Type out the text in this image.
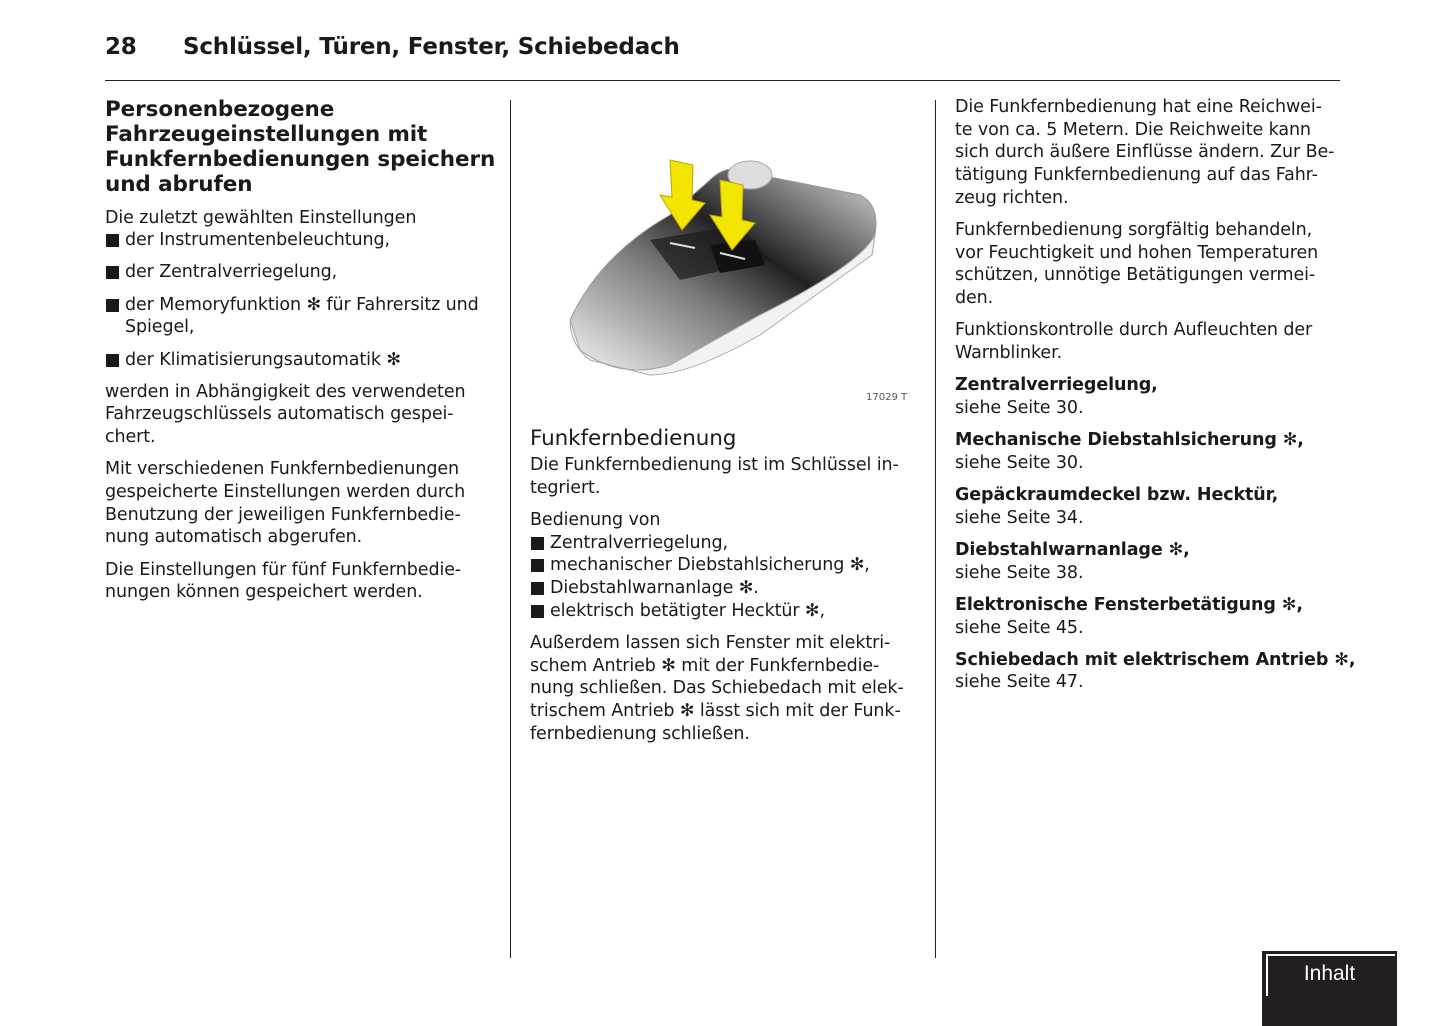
28 Schlüssel, Türen, Fenster, Schiebedach
Personenbezogene
Fahrzeugeinstellungen mit
Funkfernbedienungen speichern
und abrufen
Die zuletzt gewählten Einstellungen
der Instrumentenbeleuchtung,
der Zentralverriegelung,
der Memoryfunktion ✻ für Fahrersitz und
Spiegel,
der Klimatisierungsautomatik ✻
werden in Abhängigkeit des verwendeten
Fahrzeugschlüssels automatisch gespei-
chert.
Mit verschiedenen Funkfernbedienungen
gespeicherte Einstellungen werden durch
Benutzung der jeweiligen Funkfernbedie-
nung automatisch abgerufen.
Die Einstellungen für fünf Funkfernbedie-
nungen können gespeichert werden.
Funkfernbedienung
Die Funkfernbedienung ist im Schlüssel in-
tegriert.
Bedienung von
Zentralverriegelung,
mechanischer Diebstahlsicherung ✻,
Diebstahlwarnanlage ✻.
elektrisch betätigter Hecktür ✻,
Außerdem lassen sich Fenster mit elektri-
schem Antrieb ✻ mit der Funkfernbedie-
nung schließen. Das Schiebedach mit elek-
trischem Antrieb ✻ lässt sich mit der Funk-
fernbedienung schließen.
Die Funkfernbedienung hat eine Reichwei-
te von ca. 5 Metern. Die Reichweite kann
sich durch äußere Einflüsse ändern. Zur Be-
tätigung Funkfernbedienung auf das Fahr-
zeug richten.
Funkfernbedienung sorgfältig behandeln,
vor Feuchtigkeit und hohen Temperaturen
schützen, unnötige Betätigungen vermei-
den.
Funktionskontrolle durch Aufleuchten der
Warnblinker.
Zentralverriegelung,
siehe Seite 30.
Mechanische Diebstahlsicherung ✻,
siehe Seite 30.
Gepäckraumdeckel bzw. Hecktür,
siehe Seite 34.
Diebstahlwarnanlage ✻,
siehe Seite 38.
Elektronische Fensterbetätigung ✻,
siehe Seite 45.
Schiebedach mit elektrischem Antrieb ✻,
siehe Seite 47.
17029 T
Inhalt
